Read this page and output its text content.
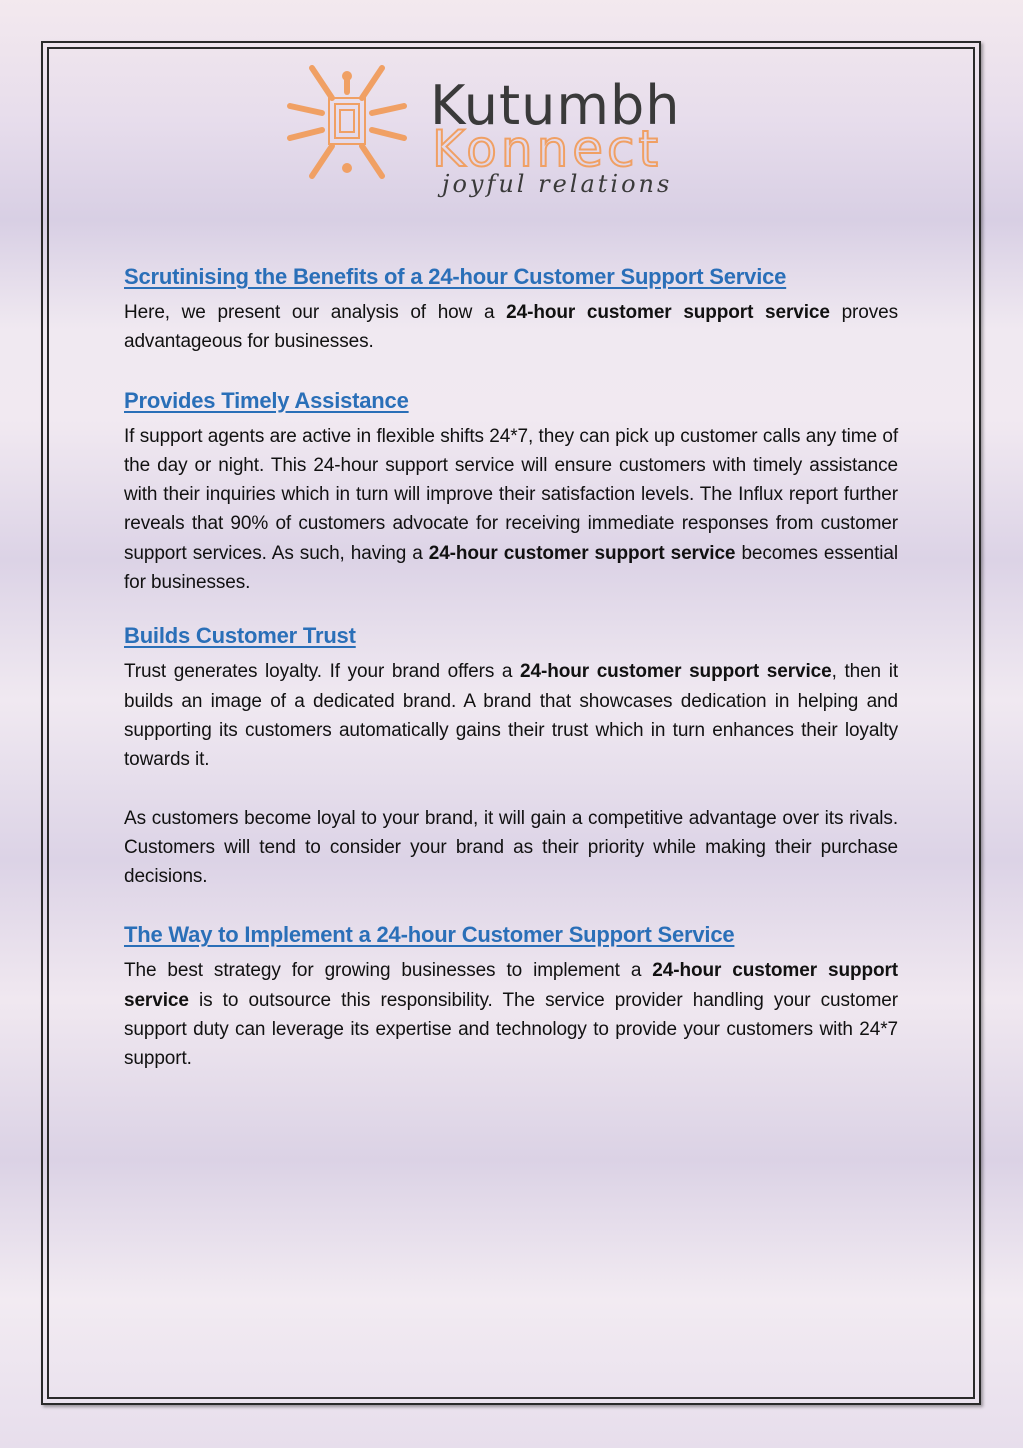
Kutumbh
Konnect
joyful relations
Scrutinising the Benefits of a 24-hour Customer Support Service

Here, we present our analysis of how a 24-hour customer support service proves advantageous for businesses.

Provides Timely Assistance

If support agents are active in flexible shifts 24*7, they can pick up customer calls any time of the day or night. This 24-hour support service will ensure customers with timely assistance with their inquiries which in turn will improve their satisfaction levels. The Influx report further reveals that 90% of customers advocate for receiving immediate responses from customer support services. As such, having a 24-hour customer support service becomes essential for businesses.

Builds Customer Trust

Trust generates loyalty. If your brand offers a 24-hour customer support service, then it builds an image of a dedicated brand. A brand that showcases dedication in helping and supporting its customers automatically gains their trust which in turn enhances their loyalty towards it.

As customers become loyal to your brand, it will gain a competitive advantage over its rivals. Customers will tend to consider your brand as their priority while making their purchase decisions.

The Way to Implement a 24-hour Customer Support Service

The best strategy for growing businesses to implement a 24-hour customer support service is to outsource this responsibility. The service provider handling your customer support duty can leverage its expertise and technology to provide your customers with 24*7 support.
